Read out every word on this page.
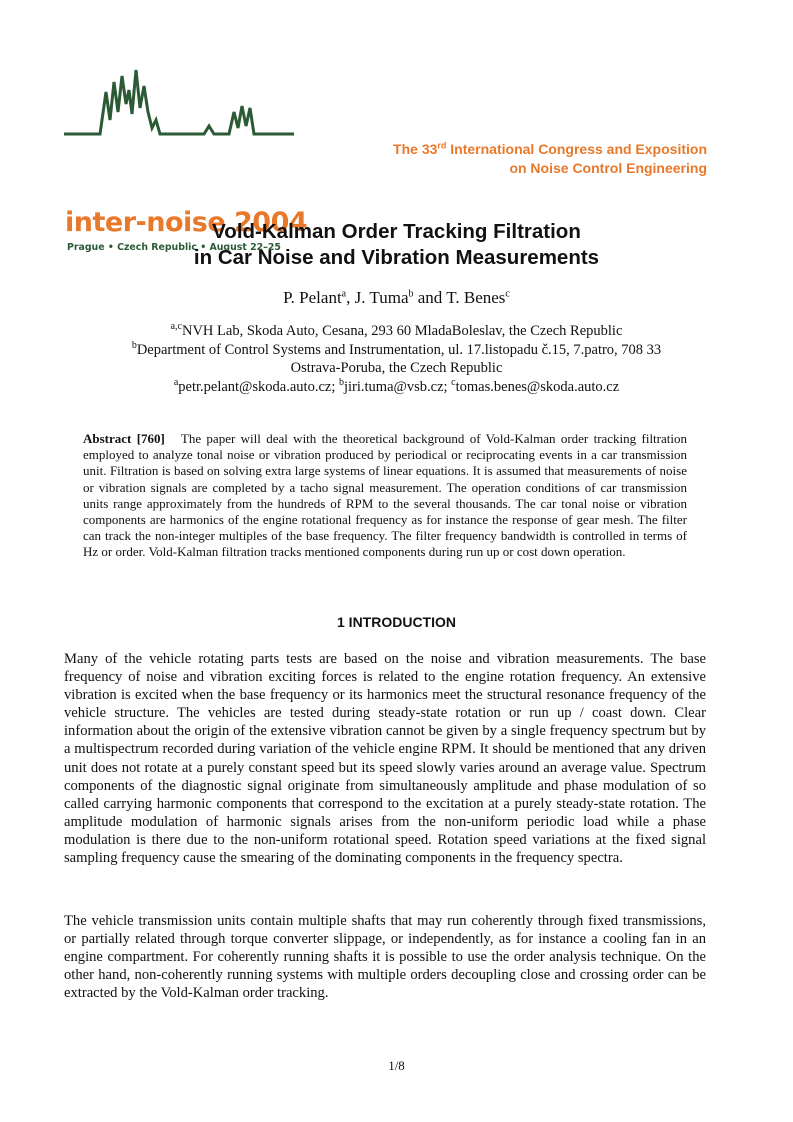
inter-noise 2004
Prague • Czech Republic • August 22–25
The 33rd International Congress and Exposition
on Noise Control Engineering
Vold-Kalman Order Tracking Filtration
in Car Noise and Vibration Measurements
P. Pelant$^a$, J. Tuma$^b$ and T. Benes$^c$
$^{a,c}$NVH Lab, Skoda Auto, Cesana, 293 60 MladaBoleslav, the Czech Republic
$^b$Department of Control Systems and Instrumentation, ul. 17.listopadu č.15, 7.patro, 708 33
Ostrava-Poruba, the Czech Republic
$^a$petr.pelant@skoda.auto.cz; $^b$jiri.tuma@vsb.cz; $^c$tomas.benes@skoda.auto.cz
Abstract [760] The paper will deal with the theoretical background of Vold-Kalman order tracking filtration employed to analyze tonal noise or vibration produced by periodical or reciprocating events in a car transmission unit. Filtration is based on solving extra large systems of linear equations. It is assumed that measurements of noise or vibration signals are completed by a tacho signal measurement. The operation conditions of car transmission units range approximately from the hundreds of RPM to the several thousands. The car tonal noise or vibration components are harmonics of the engine rotational frequency as for instance the response of gear mesh. The filter can track the non-integer multiples of the base frequency. The filter frequency bandwidth is controlled in terms of Hz or order. Vold-Kalman filtration tracks mentioned components during run up or cost down operation.
1 INTRODUCTION

Many of the vehicle rotating parts tests are based on the noise and vibration measurements. The base frequency of noise and vibration exciting forces is related to the engine rotation frequency. An extensive vibration is excited when the base frequency or its harmonics meet the structural resonance frequency of the vehicle structure. The vehicles are tested during steady-state rotation or run up / coast down. Clear information about the origin of the extensive vibration cannot be given by a single frequency spectrum but by a multispectrum recorded during variation of the vehicle engine RPM. It should be mentioned that any driven unit does not rotate at a purely constant speed but its speed slowly varies around an average value. Spectrum components of the diagnostic signal originate from simultaneously amplitude and phase modulation of so called carrying harmonic components that correspond to the excitation at a purely steady-state rotation. The amplitude modulation of harmonic signals arises from the non-uniform periodic load while a phase modulation is there due to the non-uniform rotational speed. Rotation speed variations at the fixed signal sampling frequency cause the smearing of the dominating components in the frequency spectra.

The vehicle transmission units contain multiple shafts that may run coherently through fixed transmissions, or partially related through torque converter slippage, or independently, as for instance a cooling fan in an engine compartment. For coherently running shafts it is possible to use the order analysis technique. On the other hand, non-coherently running systems with multiple orders decoupling close and crossing order can be extracted by the Vold-Kalman order tracking.

1/8
